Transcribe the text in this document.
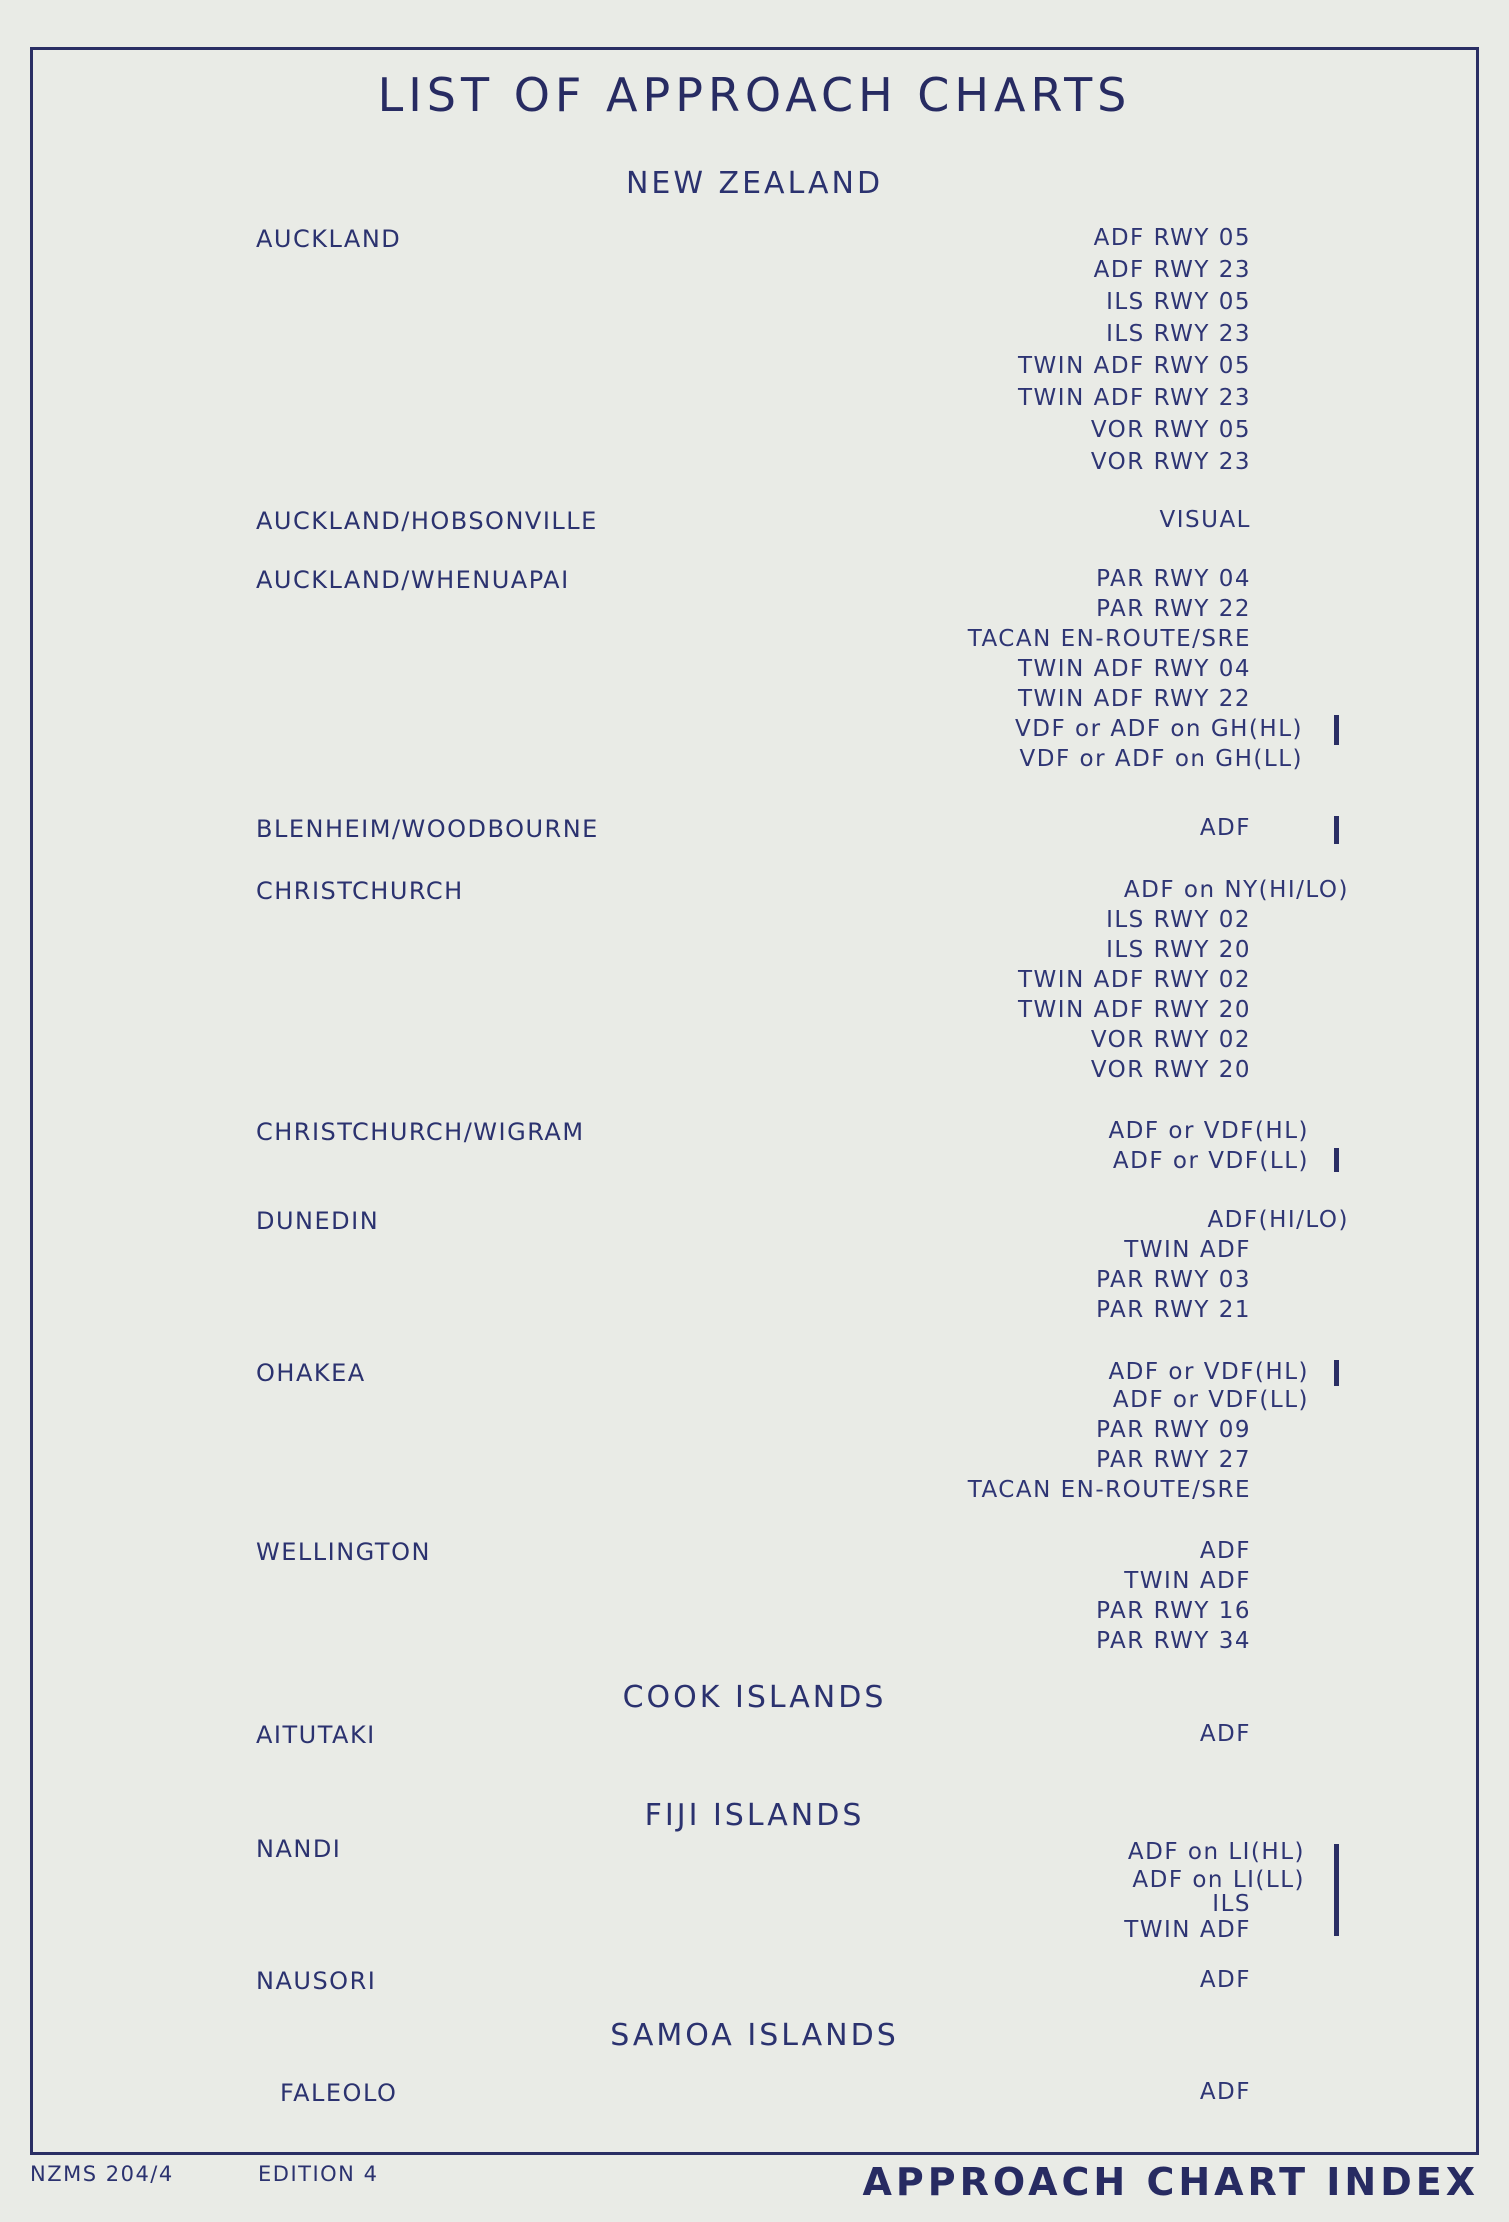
LIST OF APPROACH CHARTS
NEW ZEALAND
AUCKLAND	ADF RWY 05
ADF RWY 23
ILS RWY 05
ILS RWY 23
TWIN ADF RWY 05
TWIN ADF RWY 23
VOR RWY 05
VOR RWY 23
AUCKLAND/HOBSONVILLE	VISUAL
AUCKLAND/WHENUAPAI	PAR RWY 04
PAR RWY 22
TACAN EN-ROUTE/SRE
TWIN ADF RWY 04
TWIN ADF RWY 22
VDF or ADF on GH(HL)
VDF or ADF on GH(LL)
BLENHEIM/WOODBOURNE	ADF
CHRISTCHURCH	ADF on NY(HI/LO)
ILS RWY 02
ILS RWY 20
TWIN ADF RWY 02
TWIN ADF RWY 20
VOR RWY 02
VOR RWY 20
CHRISTCHURCH/WIGRAM	ADF or VDF(HL)
ADF or VDF(LL)
DUNEDIN	ADF(HI/LO)
TWIN ADF
PAR RWY 03
PAR RWY 21
OHAKEA	ADF or VDF(HL)
ADF or VDF(LL)
PAR RWY 09
PAR RWY 27
TACAN EN-ROUTE/SRE
WELLINGTON	ADF
TWIN ADF
PAR RWY 16
PAR RWY 34
COOK ISLANDS
AITUTAKI	ADF
FIJI ISLANDS
NANDI	ADF on LI(HL)
ADF on LI(LL)
ILS
TWIN ADF
NAUSORI	ADF
SAMOA ISLANDS
FALEOLO	ADF
NZMS 204/4	EDITION 4	APPROACH CHART INDEX
